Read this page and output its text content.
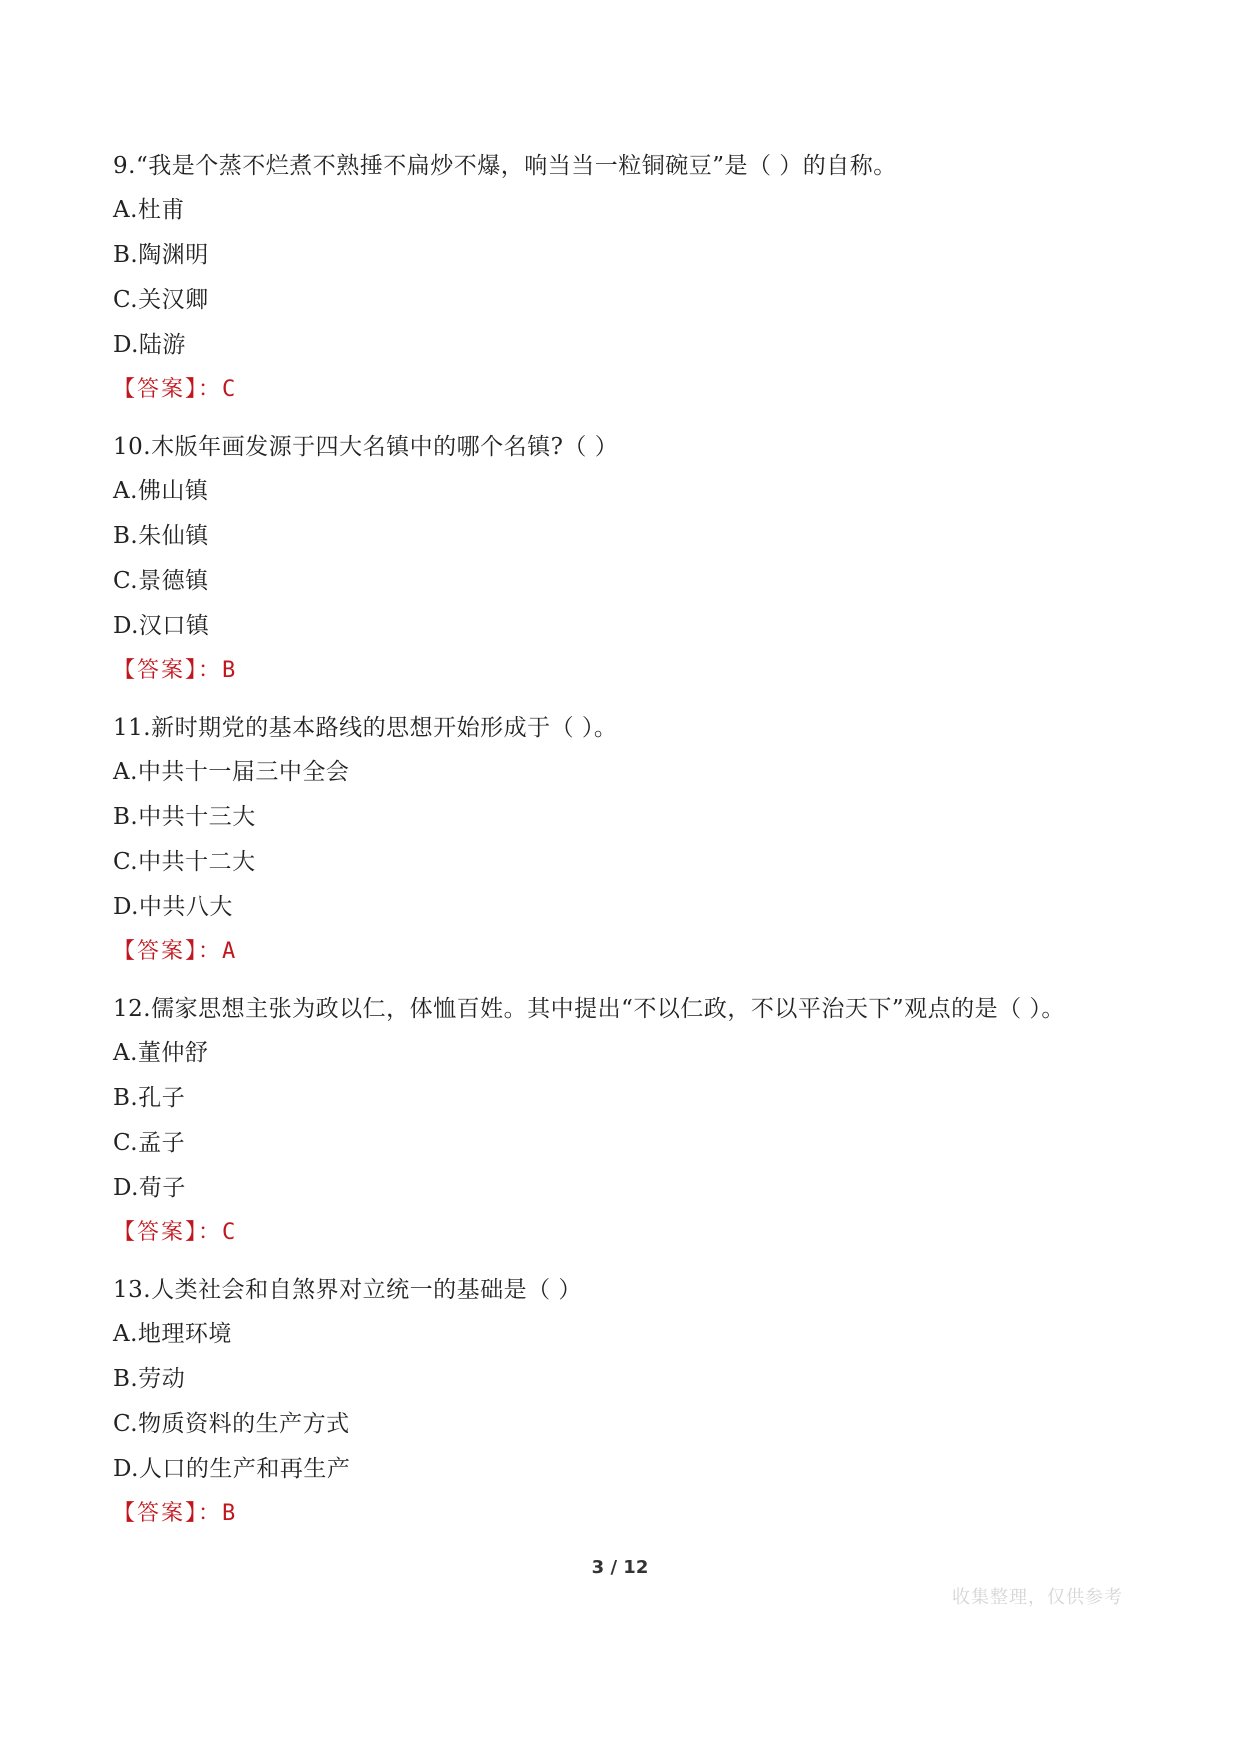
9.“我是个蒸不烂煮不熟捶不扁炒不爆，响当当一粒铜碗豆”是（ ）的自称。
A.杜甫
B.陶渊明
C.关汉卿
D.陆游
【答案】：C
10.木版年画发源于四大名镇中的哪个名镇?（ ）
A.佛山镇
B.朱仙镇
C.景德镇
D.汉口镇
【答案】：B
11.新时期党的基本路线的思想开始形成于（ ）。
A.中共十一届三中全会
B.中共十三大
C.中共十二大
D.中共八大
【答案】：A
12.儒家思想主张为政以仁，体恤百姓。其中提出“不以仁政，不以平治天下”观点的是（ ）。
A.董仲舒
B.孔子
C.孟子
D.荀子
【答案】：C
13.人类社会和自煞界对立统一的基础是（ ）
A.地理环境
B.劳动
C.物质资料的生产方式
D.人口的生产和再生产
【答案】：B
3 / 12
收集整理，仅供参考
